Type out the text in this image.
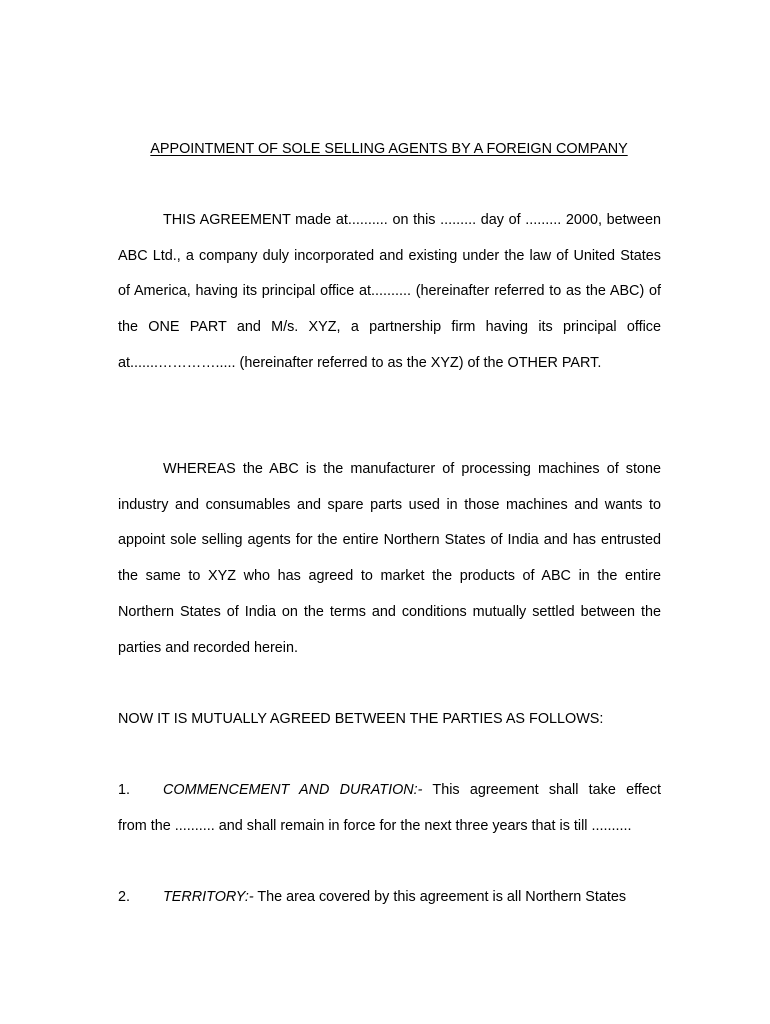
APPOINTMENT OF SOLE SELLING AGENTS BY A FOREIGN COMPANY
THIS AGREEMENT made at.......... on this ......... day of ......... 2000, between ABC Ltd., a company duly incorporated and existing under the law of United States of America, having its principal office at.......... (hereinafter referred to as the ABC) of the ONE PART and M/s. XYZ, a partnership firm having its principal office at.......…………..... (hereinafter referred to as the XYZ) of the OTHER PART.
WHEREAS the ABC is the manufacturer of processing machines of stone industry and consumables and spare parts used in those machines and wants to appoint sole selling agents for the entire Northern States of India and has entrusted the same to XYZ who has agreed to market the products of ABC in the entire Northern States of India on the terms and conditions mutually settled between the parties and recorded herein.
NOW IT IS MUTUALLY AGREED BETWEEN THE PARTIES AS FOLLOWS:
1.	COMMENCEMENT AND DURATION:- This agreement shall take effect
from the .......... and shall remain in force for the next three years that is till ..........
2.	TERRITORY:- The area covered by this agreement is all Northern States
